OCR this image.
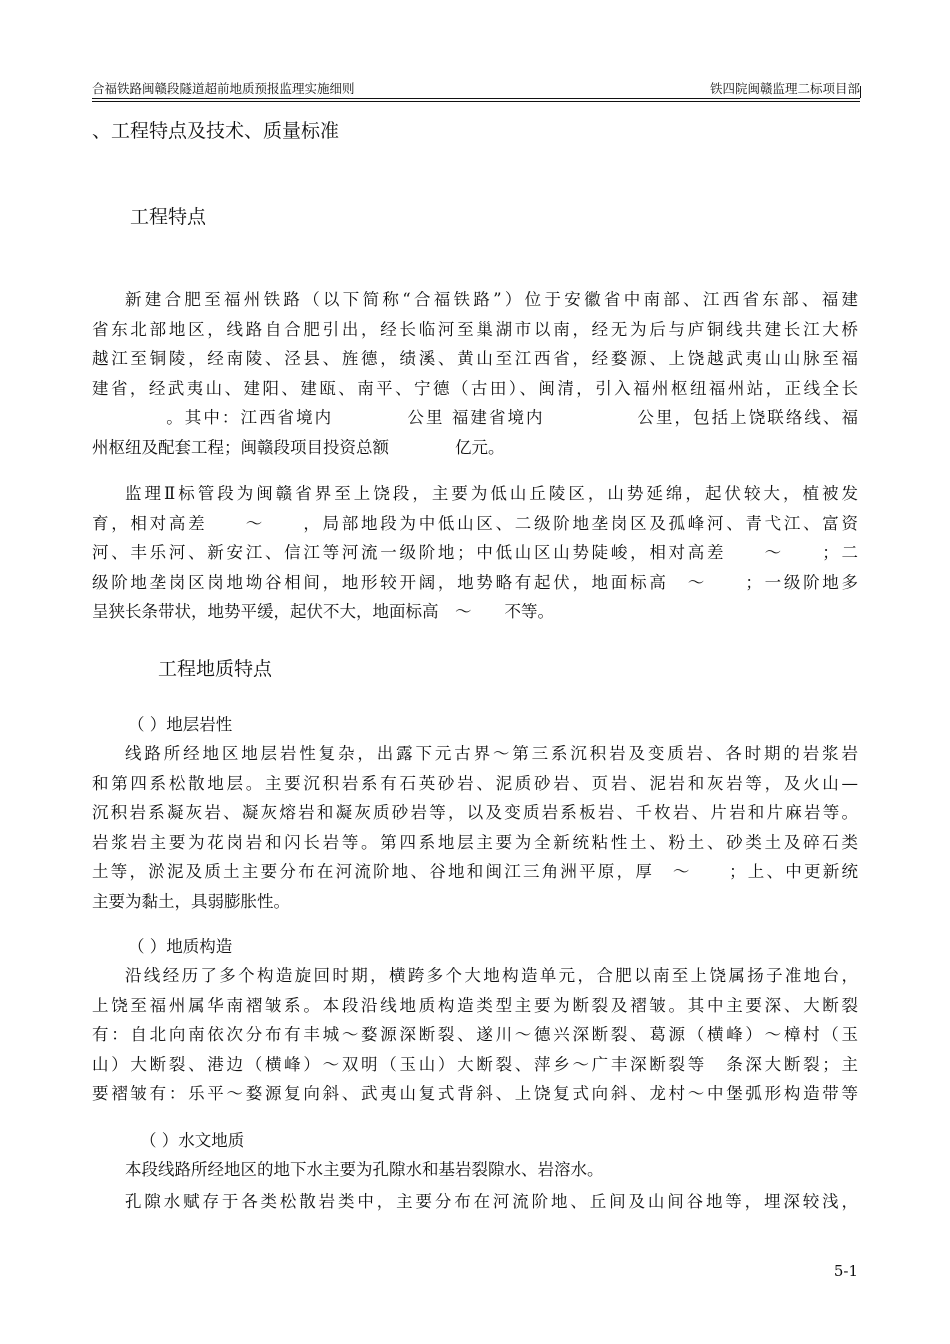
合福铁路闽赣段隧道超前地质预报监理实施细则	铁四院闽赣监理二标项目部
、工程特点及技术、质量标准
工程特点

新建合肥至福州铁路（以下简称“合福铁路”）位于安徽省中南部、江西省东部、福建

省东北部地区，线路自合肥引出，经长临河至巢湖市以南，经无为后与庐铜线共建长江大桥

越江至铜陵，经南陵、泾县、旌德，绩溪、黄山至江西省，经婺源、上饶越武夷山山脉至福

建省，经武夷山、建阳、建瓯、南平、宁德（古田）、闽清，引入福州枢纽福州站，正线全长

　　　　。其中：江西省境内　　　　公里 福建省境内　　　　　公里，包括上饶联络线、福

州枢纽及配套工程；闽赣段项目投资总额　　　　亿元。

监理Ⅱ标管段为闽赣省界至上饶段，主要为低山丘陵区，山势延绵，起伏较大，植被发

育，相对高差　　～　　，局部地段为中低山区、二级阶地垄岗区及孤峰河、青弋江、富资

河、丰乐河、新安江、信江等河流一级阶地；中低山区山势陡峻，相对高差　　～　　；二

级阶地垄岗区岗地坳谷相间，地形较开阔，地势略有起伏，地面标高　～　　；一级阶地多

呈狭长条带状，地势平缓，起伏不大，地面标高　～　　不等。

工程地质特点
（ ）地层岩性

线路所经地区地层岩性复杂，出露下元古界～第三系沉积岩及变质岩、各时期的岩浆岩

和第四系松散地层。主要沉积岩系有石英砂岩、泥质砂岩、页岩、泥岩和灰岩等，及火山—

沉积岩系凝灰岩、凝灰熔岩和凝灰质砂岩等，以及变质岩系板岩、千枚岩、片岩和片麻岩等。

岩浆岩主要为花岗岩和闪长岩等。第四系地层主要为全新统粘性土、粉土、砂类土及碎石类

土等，淤泥及质土主要分布在河流阶地、谷地和闽江三角洲平原，厚　～　　；上、中更新统

主要为黏土，具弱膨胀性。

（ ）地质构造

沿线经历了多个构造旋回时期，横跨多个大地构造单元，合肥以南至上饶属扬子准地台，

上饶至福州属华南褶皱系。本段沿线地质构造类型主要为断裂及褶皱。其中主要深、大断裂

有：自北向南依次分布有丰城～婺源深断裂、遂川～德兴深断裂、葛源（横峰）～樟村（玉

山）大断裂、港边（横峰）～双明（玉山）大断裂、萍乡～广丰深断裂等　条深大断裂；主

要褶皱有：乐平～婺源复向斜、武夷山复式背斜、上饶复式向斜、龙村～中堡弧形构造带等

（ ）水文地质

本段线路所经地区的地下水主要为孔隙水和基岩裂隙水、岩溶水。

孔隙水赋存于各类松散岩类中，主要分布在河流阶地、丘间及山间谷地等，埋深较浅，

5-1
